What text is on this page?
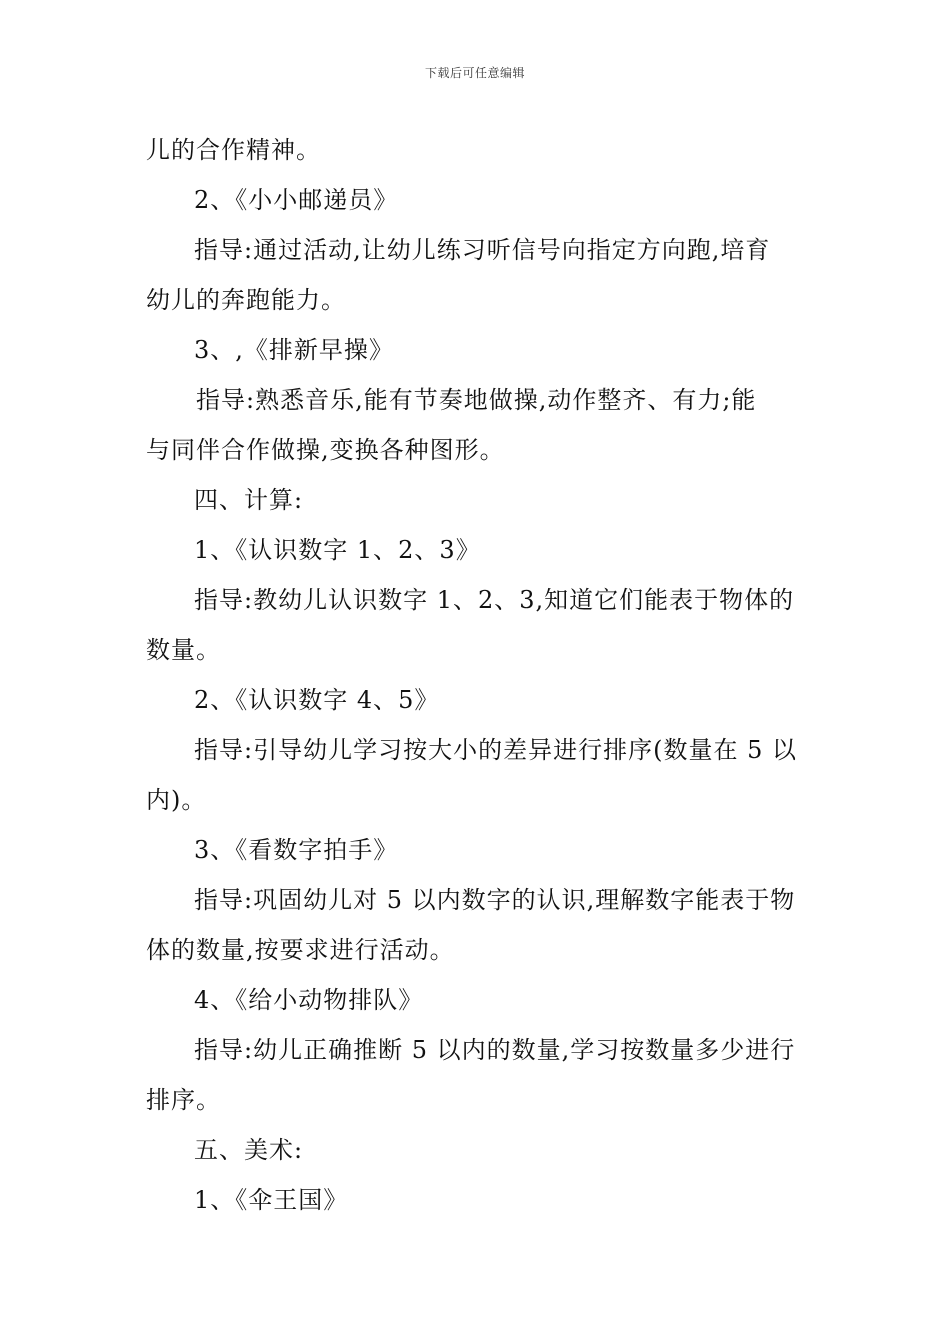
下载后可任意编辑
儿的合作精神。
2、《小小邮递员》
指导:通过活动,让幼儿练习听信号向指定方向跑,培育
幼儿的奔跑能力。
3、,《排新早操》
指导:熟悉音乐,能有节奏地做操,动作整齐、有力;能
与同伴合作做操,变换各种图形。
四、计算:
1、《认识数字 1、2、3》
指导:教幼儿认识数字 1、2、3,知道它们能表于物体的
数量。
2、《认识数字 4、5》
指导:引导幼儿学习按大小的差异进行排序(数量在 5 以
内)。
3、《看数字拍手》
指导:巩固幼儿对 5 以内数字的认识,理解数字能表于物
体的数量,按要求进行活动。
4、《给小动物排队》
指导:幼儿正确推断 5 以内的数量,学习按数量多少进行
排序。
五、美术:
1、《伞王国》
